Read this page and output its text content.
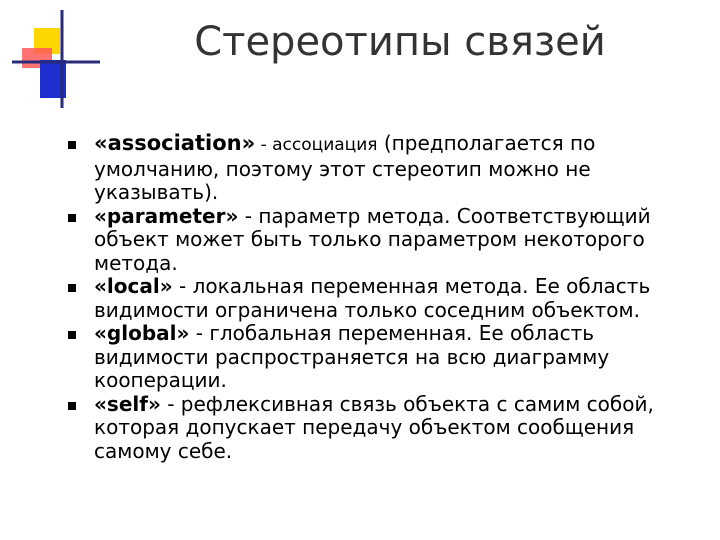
Стереотипы связей
«association» - ассоциация (предполагается по умолчанию, поэтому этот стереотип можно не указывать).
«parameter» - параметр метода. Соответствующий объект может быть только параметром некоторого метода.
«local» - локальная переменная метода. Ее область видимости ограничена только соседним объектом.
«global» - глобальная переменная. Ее область видимости распространяется на всю диаграмму кооперации.
«self» - рефлексивная связь объекта с самим собой, которая допускает передачу объектом сообщения самому себе.
